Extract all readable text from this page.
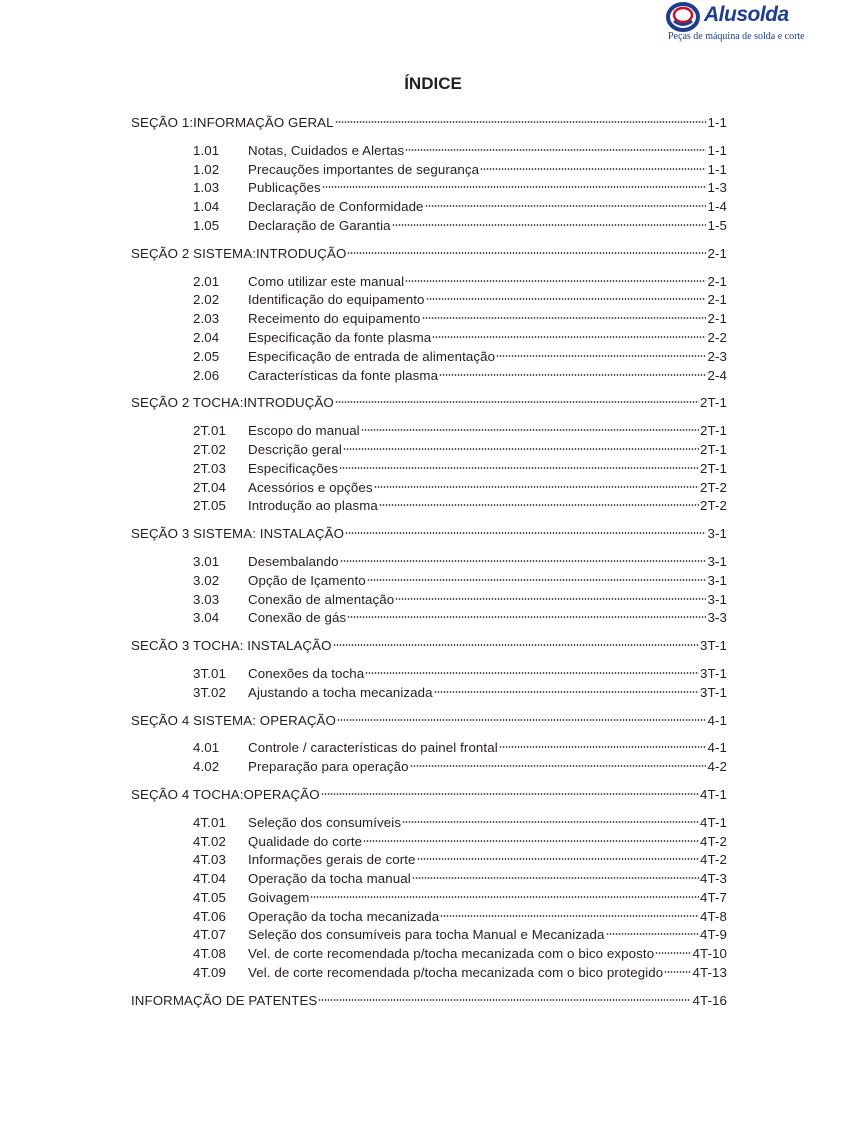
Alusolda
Peças de máquina de solda e corte
ÍNDICE
SEÇÃO 1:INFORMAÇÃO GERAL	1-1
1.01	Notas, Cuidados e Alertas	1-1
1.02	Precauções importantes de segurança	1-1
1.03	Publicações	1-3
1.04	Declaração de Conformidade	1-4
1.05	Declaração de Garantia	1-5
SEÇÃO 2 SISTEMA:INTRODUÇÃO	2-1
2.01	Como utilizar este manual	2-1
2.02	Identificação do equipamento	2-1
2.03	Receimento do equipamento	2-1
2.04	Especificação da fonte plasma	2-2
2.05	Especificação de entrada de alimentação	2-3
2.06	Características da fonte plasma	2-4
SEÇÃO 2 TOCHA:INTRODUÇÃO	2T-1
2T.01	Escopo do manual	2T-1
2T.02	Descrição geral	2T-1
2T.03	Especificações	2T-1
2T.04	Acessórios e opções	2T-2
2T.05	Introdução ao plasma	2T-2
SEÇÃO 3 SISTEMA: INSTALAÇÃO	3-1
3.01	Desembalando	3-1
3.02	Opção de Içamento	3-1
3.03	Conexão de almentação	3-1
3.04	Conexão de gás	3-3
SECÃO 3 TOCHA: INSTALAÇÃO	3T-1
3T.01	Conexões da tocha	3T-1
3T.02	Ajustando a tocha mecanizada	3T-1
SEÇÃO 4 SISTEMA: OPERAÇÃO	4-1
4.01	Controle / características do painel frontal	4-1
4.02	Preparação para operação	4-2
SEÇÃO 4 TOCHA:OPERAÇÃO	4T-1
4T.01	Seleção dos consumíveis	4T-1
4T.02	Qualidade do corte	4T-2
4T.03	Informações gerais de corte	4T-2
4T.04	Operação da tocha manual	4T-3
4T.05	Goivagem	4T-7
4T.06	Operação da tocha mecanizada	4T-8
4T.07	Seleção dos consumíveis para tocha Manual e Mecanizada	4T-9
4T.08	Vel. de corte recomendada p/tocha mecanizada com o bico exposto	4T-10
4T.09	Vel. de corte recomendada p/tocha mecanizada com o bico protegido 4T-13
INFORMAÇÃO DE PATENTES	4T-16
